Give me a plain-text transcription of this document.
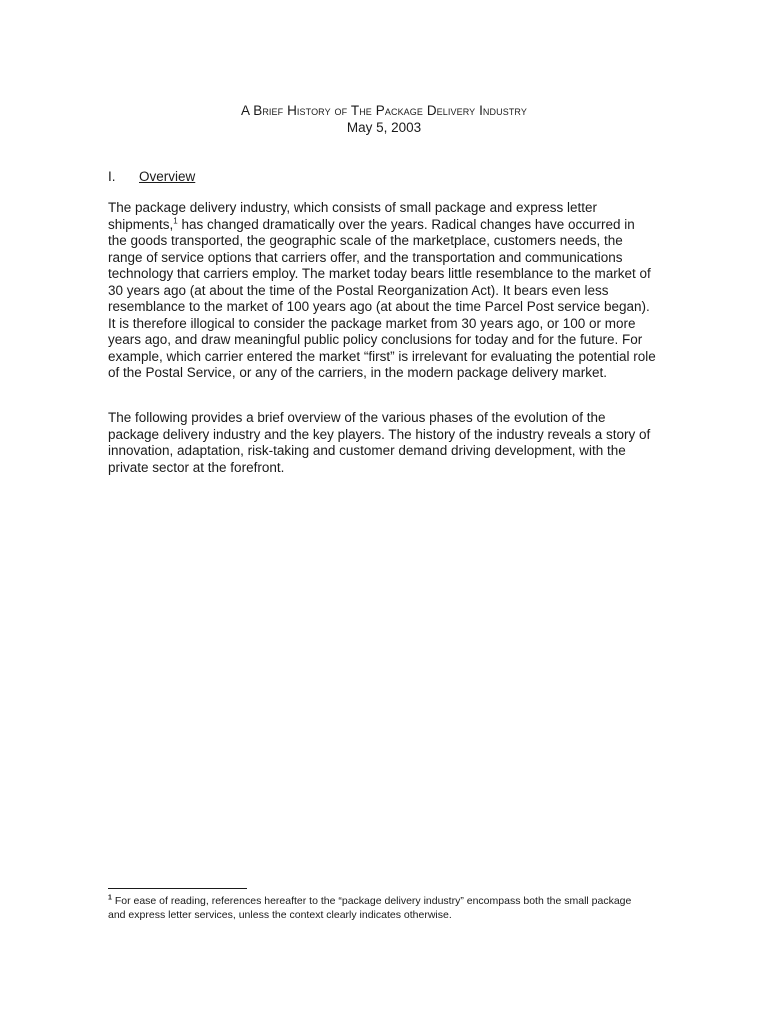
A Brief History of The Package Delivery Industry
May 5, 2003
I. Overview

The package delivery industry, which consists of small package and express letter shipments,$^1$ has changed dramatically over the years. Radical changes have occurred in the goods transported, the geographic scale of the marketplace, customers needs, the range of service options that carriers offer, and the transportation and communications technology that carriers employ. The market today bears little resemblance to the market of 30 years ago (at about the time of the Postal Reorganization Act). It bears even less resemblance to the market of 100 years ago (at about the time Parcel Post service began). It is therefore illogical to consider the package market from 30 years ago, or 100 or more years ago, and draw meaningful public policy conclusions for today and for the future. For example, which carrier entered the market “first” is irrelevant for evaluating the potential role of the Postal Service, or any of the carriers, in the modern package delivery market.

The following provides a brief overview of the various phases of the evolution of the package delivery industry and the key players. The history of the industry reveals a story of innovation, adaptation, risk-taking and customer demand driving development, with the private sector at the forefront.

$^1$ For ease of reading, references hereafter to the “package delivery industry” encompass both the small package and express letter services, unless the context clearly indicates otherwise.
